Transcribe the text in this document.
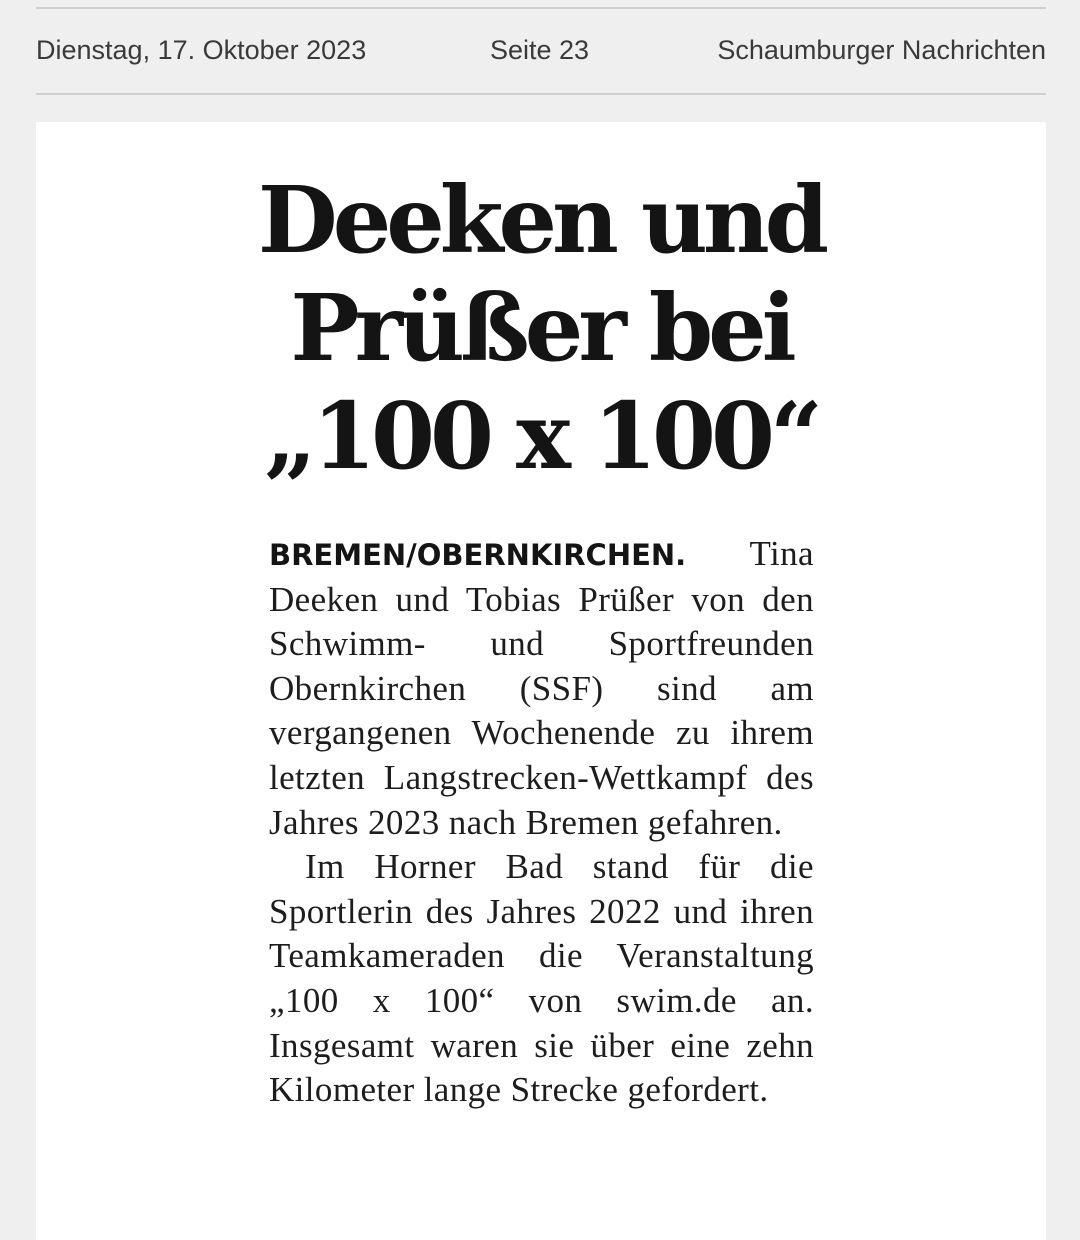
Dienstag, 17. Oktober 2023	Seite 23	Schaumburger Nachrichten
Deeken und
Prüßer bei
„100 x 100“

BREMEN/OBERNKIRCHEN. Tina Deeken und Tobias Prüßer von den Schwimm- und Sportfreunden Obernkirchen (SSF) sind am vergangenen Wochenende zu ihrem letzten Langstrecken-Wettkampf des Jahres 2023 nach Bremen gefahren.

Im Horner Bad stand für die Sportlerin des Jahres 2022 und ihren Teamkameraden die Veranstaltung „100 x 100“ von swim.de an. Insgesamt waren sie über eine zehn Kilometer lange Strecke gefordert.
